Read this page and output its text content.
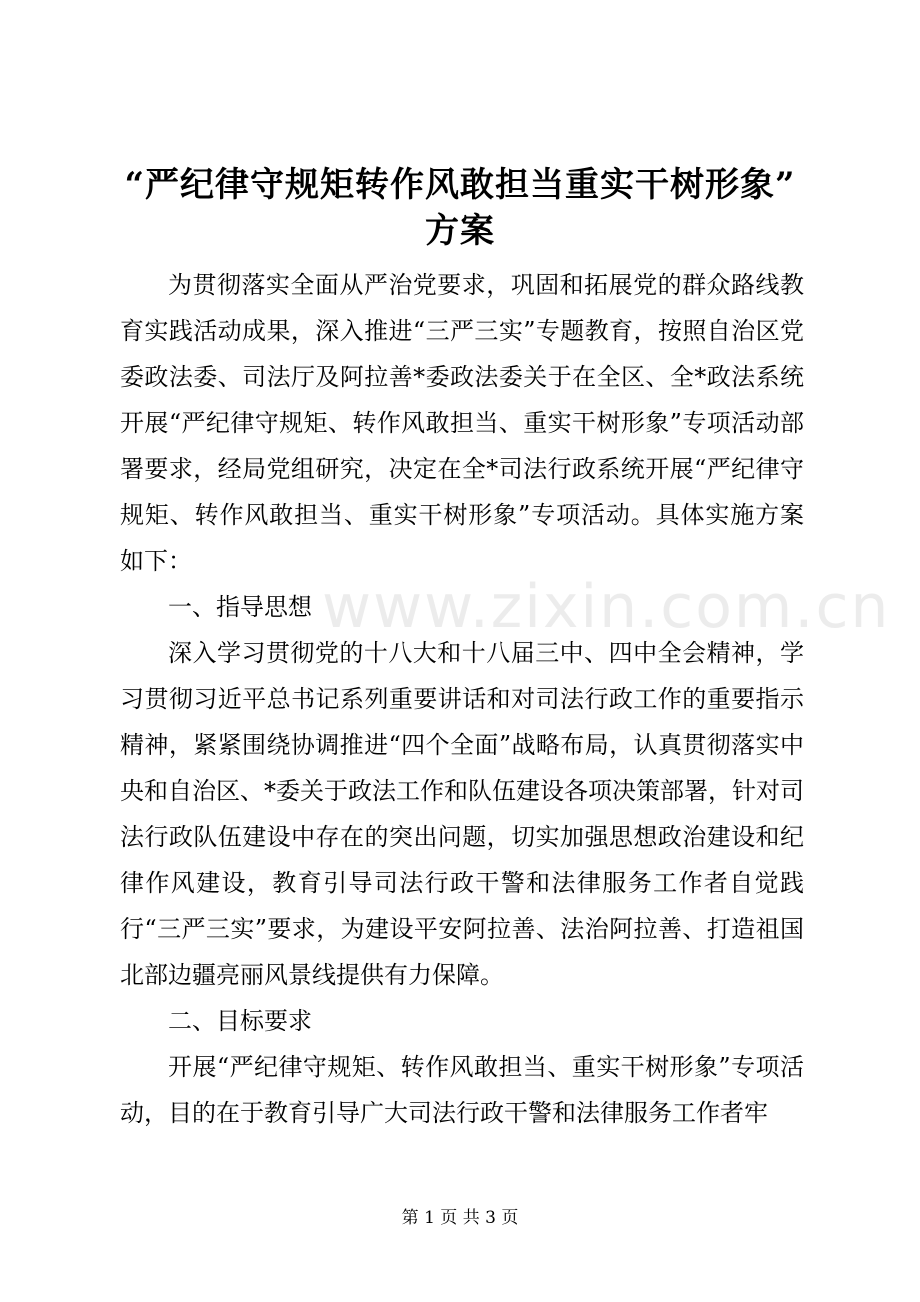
“严纪律守规矩转作风敢担当重实干树形象”
方案

为贯彻落实全面从严治党要求，巩固和拓展党的群众路线教育实践活动成果，深入推进“三严三实”专题教育，按照自治区党委政法委、司法厅及阿拉善*委政法委关于在全区、全*政法系统开展“严纪律守规矩、转作风敢担当、重实干树形象”专项活动部署要求，经局党组研究，决定在全*司法行政系统开展“严纪律守规矩、转作风敢担当、重实干树形象”专项活动。具体实施方案如下：

一、指导思想

深入学习贯彻党的十八大和十八届三中、四中全会精神，学习贯彻习近平总书记系列重要讲话和对司法行政工作的重要指示精神，紧紧围绕协调推进“四个全面”战略布局，认真贯彻落实中央和自治区、*委关于政法工作和队伍建设各项决策部署，针对司法行政队伍建设中存在的突出问题，切实加强思想政治建设和纪律作风建设，教育引导司法行政干警和法律服务工作者自觉践行“三严三实”要求，为建设平安阿拉善、法治阿拉善、打造祖国北部边疆亮丽风景线提供有力保障。

二、目标要求

开展“严纪律守规矩、转作风敢担当、重实干树形象”专项活动，目的在于教育引导广大司法行政干警和法律服务工作者牢

www.zixin.com.cn
第 1 页 共 3 页
